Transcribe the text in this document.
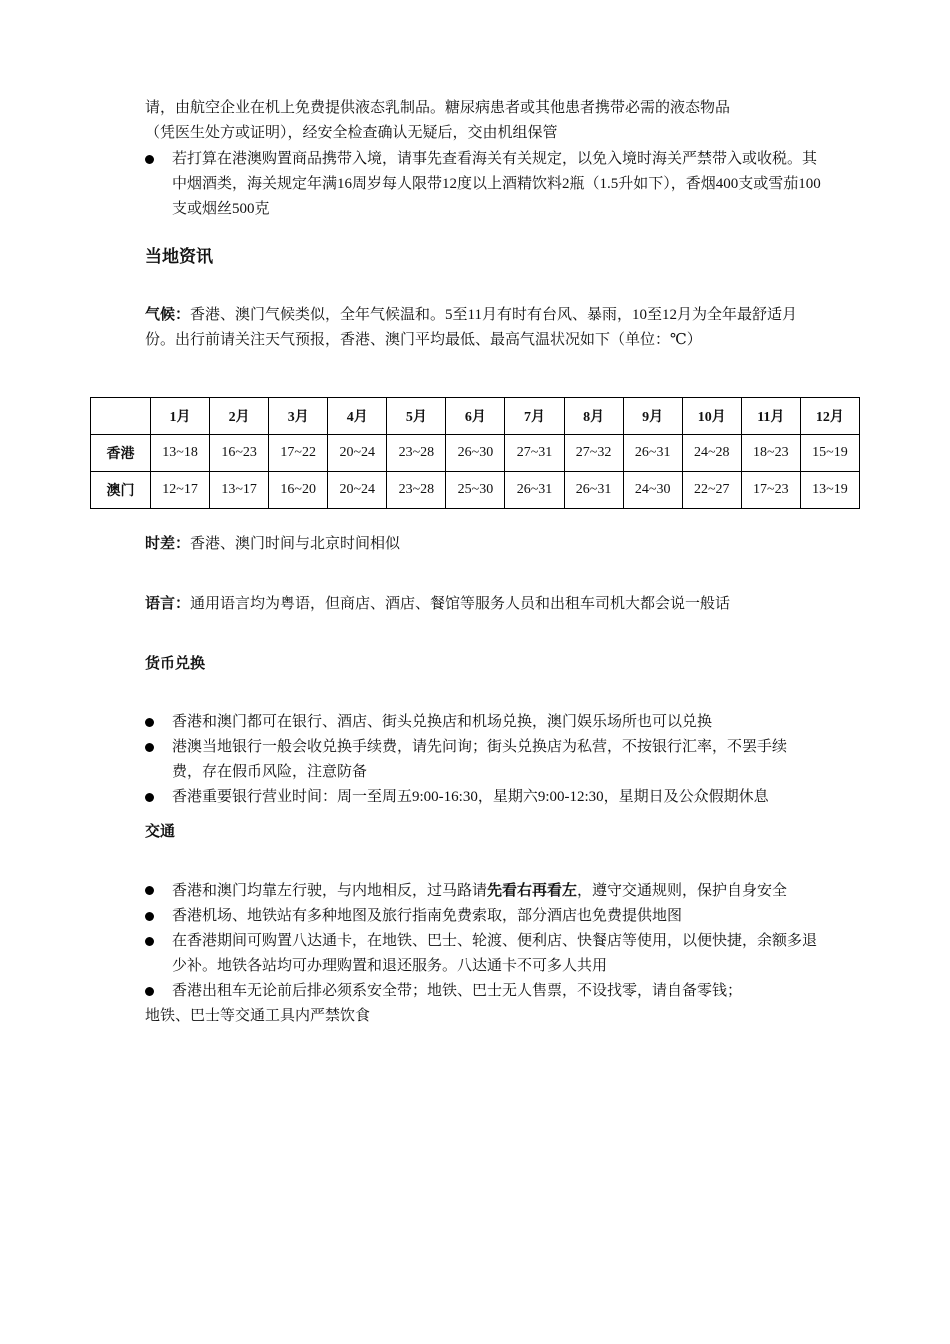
请，由航空企业在机上免费提供液态乳制品。糖尿病患者或其他患者携带必需的液态物品

（凭医生处方或证明），经安全检查确认无疑后，交由机组保管

若打算在港澳购置商品携带入境，请事先查看海关有关规定，以免入境时海关严禁带入或收税。其中烟酒类，海关规定年满16周岁每人限带12度以上酒精饮料2瓶（1.5升如下），香烟400支或雪茄100支或烟丝500克
当地资讯

气候：香港、澳门气候类似，全年气候温和。5至11月有时有台风、暴雨，10至12月为全年最舒适月份。出行前请关注天气预报，香港、澳门平均最低、最高气温状况如下（单位：℃）

	1月	2月	3月	4月	5月	6月	7月	8月	9月	10月	11月	12月
香港	13~18	16~23	17~22	20~24	23~28	26~30	27~31	27~32	26~31	24~28	18~23	15~19
澳门	12~17	13~17	16~20	20~24	23~28	25~30	26~31	26~31	24~30	22~27	17~23	13~19

时差：香港、澳门时间与北京时间相似

语言：通用语言均为粤语，但商店、酒店、餐馆等服务人员和出租车司机大都会说一般话

货币兑换
香港和澳门都可在银行、酒店、街头兑换店和机场兑换，澳门娱乐场所也可以兑换
港澳当地银行一般会收兑换手续费，请先问询；街头兑换店为私营，不按银行汇率，不罢手续费，存在假币风险，注意防备
香港重要银行营业时间：周一至周五9:00-16:30，星期六9:00-12:30，星期日及公众假期休息
交通
香港和澳门均靠左行驶，与内地相反，过马路请先看右再看左，遵守交通规则，保护自身安全
香港机场、地铁站有多种地图及旅行指南免费索取，部分酒店也免费提供地图
在香港期间可购置八达通卡，在地铁、巴士、轮渡、便利店、快餐店等使用，以便快捷，余额多退少补。地铁各站均可办理购置和退还服务。八达通卡不可多人共用
香港出租车无论前后排必须系安全带；地铁、巴士无人售票，不设找零，请自备零钱；

地铁、巴士等交通工具内严禁饮食
